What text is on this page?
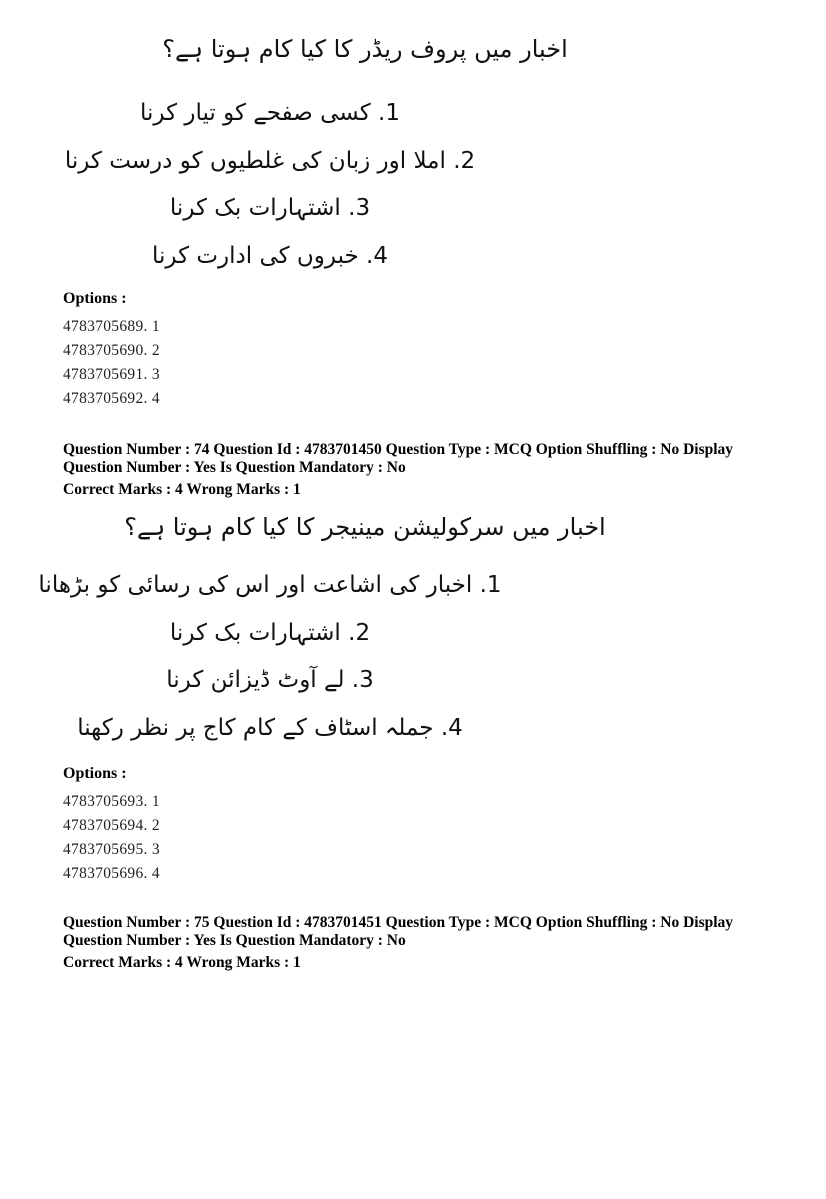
اخبار میں پروف ریڈر کا کیا کام ہوتا ہے؟
1. کسی صفحے کو تیار کرنا
2. املا اور زبان کی غلطیوں کو درست کرنا
3. اشتہارات بک کرنا
4. خبروں کی ادارت کرنا
Options :
4783705689. 1
4783705690. 2
4783705691. 3
4783705692. 4
Question Number : 74 Question Id : 4783701450 Question Type : MCQ Option Shuffling : No Display
Question Number : Yes Is Question Mandatory : No
Correct Marks : 4 Wrong Marks : 1
اخبار میں سرکولیشن مینیجر کا کیا کام ہوتا ہے؟
1. اخبار کی اشاعت اور اس کی رسائی کو بڑھانا
2. اشتہارات بک کرنا
3. لے آوٹ ڈیزائن کرنا
4. جملہ اسٹاف کے کام کاج پر نظر رکھنا
Options :
4783705693. 1
4783705694. 2
4783705695. 3
4783705696. 4
Question Number : 75 Question Id : 4783701451 Question Type : MCQ Option Shuffling : No Display
Question Number : Yes Is Question Mandatory : No
Correct Marks : 4 Wrong Marks : 1
